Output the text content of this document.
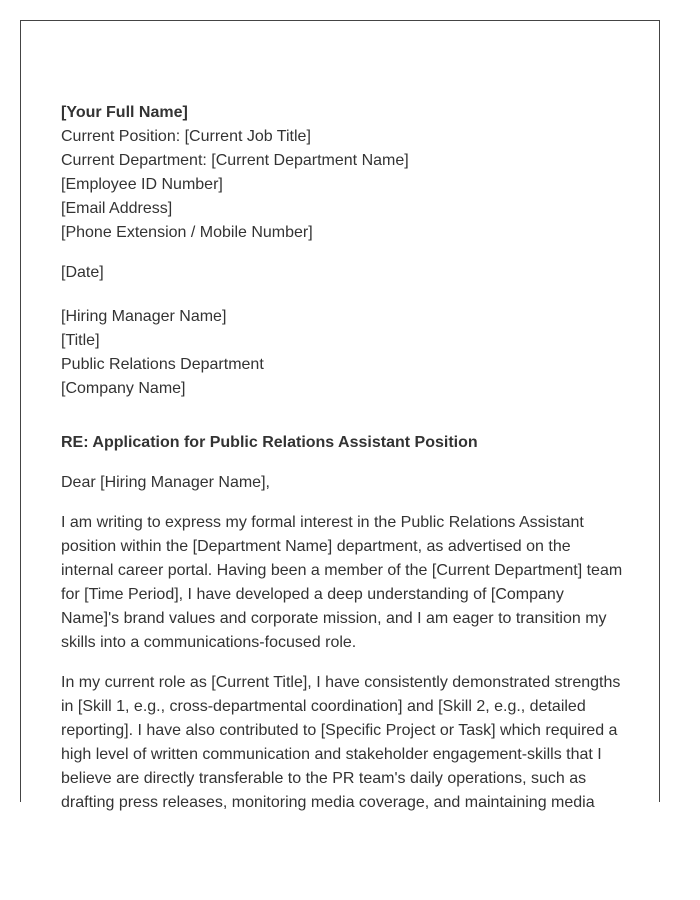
[Your Full Name]
Current Position: [Current Job Title]
Current Department: [Current Department Name]
[Employee ID Number]
[Email Address]
[Phone Extension / Mobile Number]
[Date]
[Hiring Manager Name]
[Title]
Public Relations Department
[Company Name]
RE: Application for Public Relations Assistant Position
Dear [Hiring Manager Name],

I am writing to express my formal interest in the Public Relations Assistant position within the [Department Name] department, as advertised on the internal career portal. Having been a member of the [Current Department] team for [Time Period], I have developed a deep understanding of [Company Name]'s brand values and corporate mission, and I am eager to transition my skills into a communications-focused role.

In my current role as [Current Title], I have consistently demonstrated strengths in [Skill 1, e.g., cross-departmental coordination] and [Skill 2, e.g., detailed reporting]. I have also contributed to [Specific Project or Task] which required a high level of written communication and stakeholder engagement-skills that I believe are directly transferable to the PR team's daily operations, such as drafting press releases, monitoring media coverage, and maintaining media
